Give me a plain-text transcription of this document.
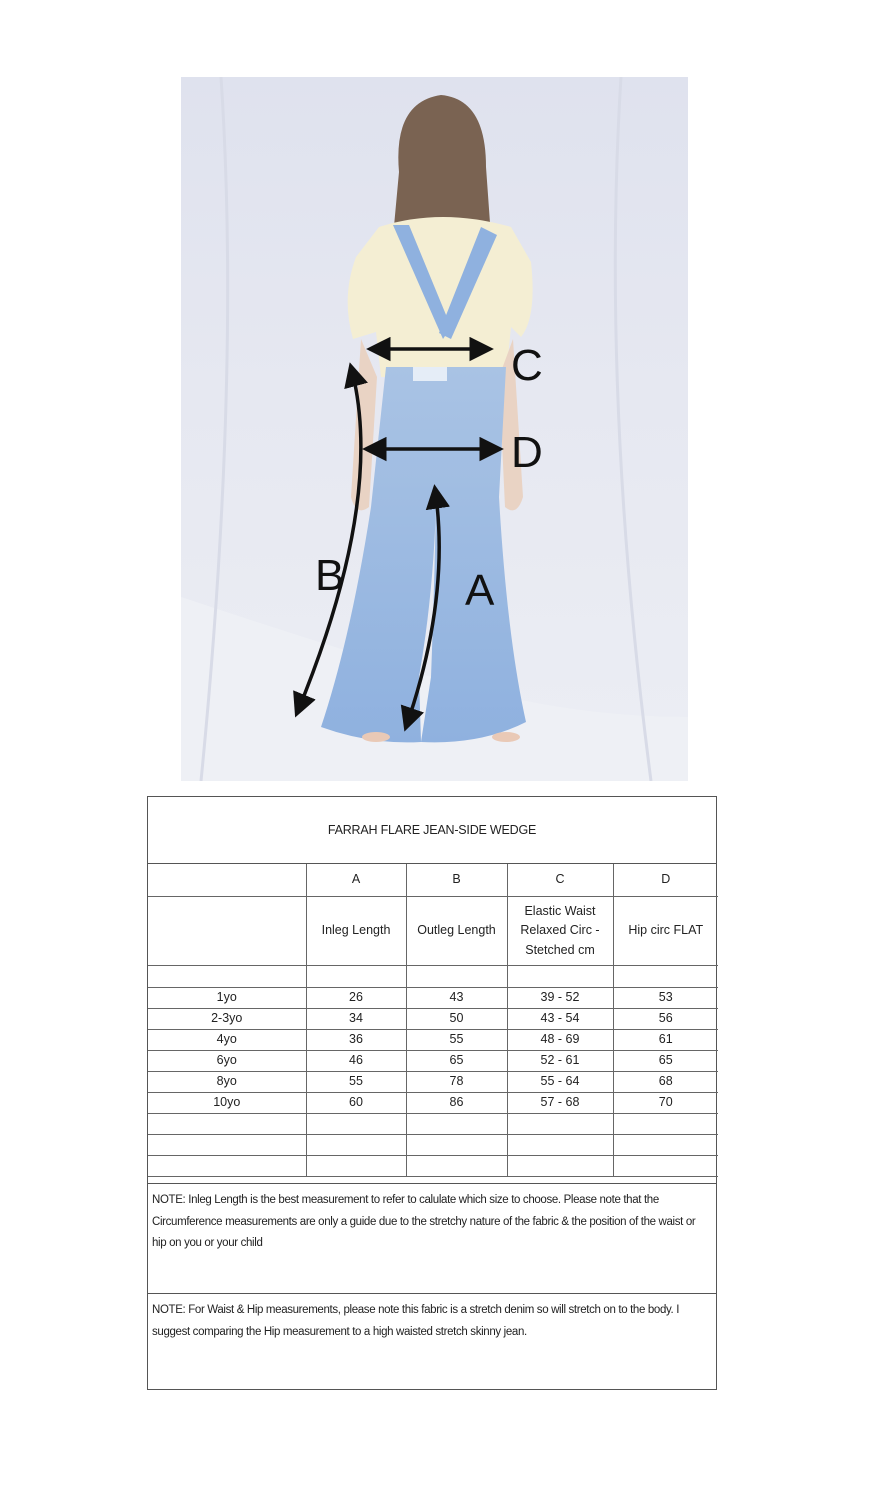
C
D
B	A
FARRAH FLARE JEAN-SIDE WEDGE
	A	B	C	D
	Inleg Length	Outleg Length	Elastic Waist Relaxed Circ - Stetched cm	Hip circ FLAT

1yo	26	43	39 - 52	53
2-3yo	34	50	43 - 54	56
4yo	36	55	48 - 69	61
6yo	46	65	52 - 61	65
8yo	55	78	55 - 64	68
10yo	60	86	57 - 68	70

NOTE: Inleg Length is the best measurement to refer to calulate which size to choose. Please note that the Circumference measurements are only a guide due to the stretchy nature of the fabric & the position of the waist or hip on you or your child
NOTE: For Waist & Hip measurements, please note this fabric is a stretch denim so will stretch on to the body. I suggest comparing the Hip measurement to a high waisted stretch skinny jean.
